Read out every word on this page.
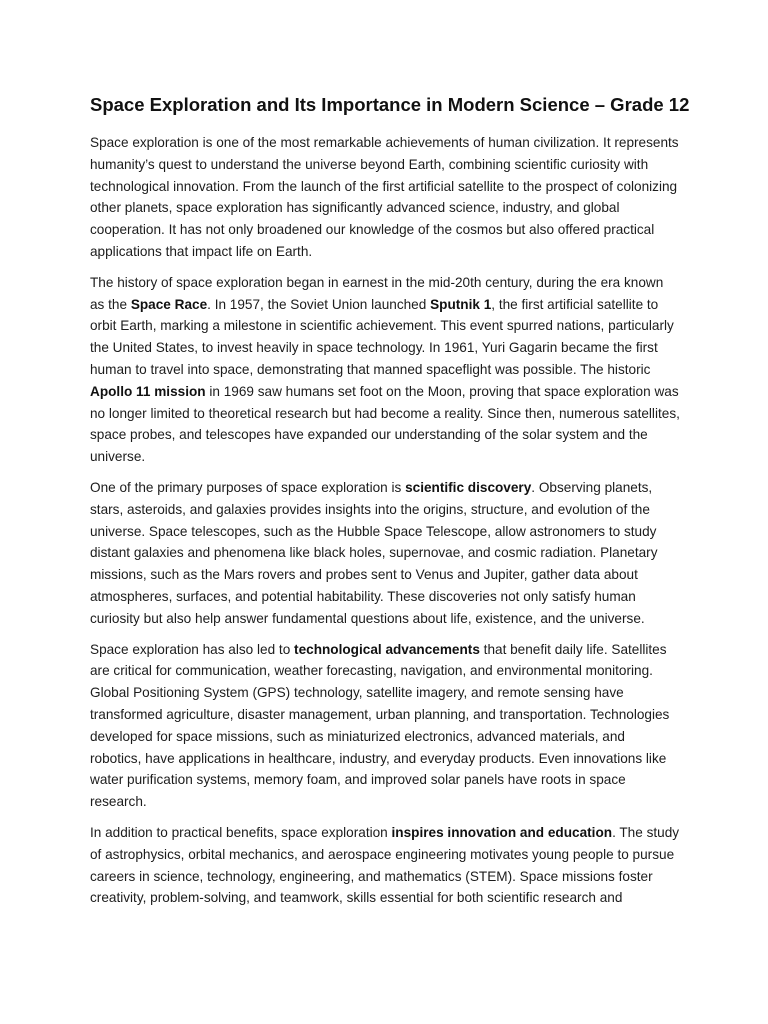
Space Exploration and Its Importance in Modern Science – Grade 12

Space exploration is one of the most remarkable achievements of human civilization. It represents humanity’s quest to understand the universe beyond Earth, combining scientific curiosity with technological innovation. From the launch of the first artificial satellite to the prospect of colonizing other planets, space exploration has significantly advanced science, industry, and global cooperation. It has not only broadened our knowledge of the cosmos but also offered practical applications that impact life on Earth.

The history of space exploration began in earnest in the mid-20th century, during the era known as the Space Race. In 1957, the Soviet Union launched Sputnik 1, the first artificial satellite to orbit Earth, marking a milestone in scientific achievement. This event spurred nations, particularly the United States, to invest heavily in space technology. In 1961, Yuri Gagarin became the first human to travel into space, demonstrating that manned spaceflight was possible. The historic Apollo 11 mission in 1969 saw humans set foot on the Moon, proving that space exploration was no longer limited to theoretical research but had become a reality. Since then, numerous satellites, space probes, and telescopes have expanded our understanding of the solar system and the universe.

One of the primary purposes of space exploration is scientific discovery. Observing planets, stars, asteroids, and galaxies provides insights into the origins, structure, and evolution of the universe. Space telescopes, such as the Hubble Space Telescope, allow astronomers to study distant galaxies and phenomena like black holes, supernovae, and cosmic radiation. Planetary missions, such as the Mars rovers and probes sent to Venus and Jupiter, gather data about atmospheres, surfaces, and potential habitability. These discoveries not only satisfy human curiosity but also help answer fundamental questions about life, existence, and the universe.

Space exploration has also led to technological advancements that benefit daily life. Satellites are critical for communication, weather forecasting, navigation, and environmental monitoring. Global Positioning System (GPS) technology, satellite imagery, and remote sensing have transformed agriculture, disaster management, urban planning, and transportation. Technologies developed for space missions, such as miniaturized electronics, advanced materials, and robotics, have applications in healthcare, industry, and everyday products. Even innovations like water purification systems, memory foam, and improved solar panels have roots in space research.

In addition to practical benefits, space exploration inspires innovation and education. The study of astrophysics, orbital mechanics, and aerospace engineering motivates young people to pursue careers in science, technology, engineering, and mathematics (STEM). Space missions foster creativity, problem-solving, and teamwork, skills essential for both scientific research and
